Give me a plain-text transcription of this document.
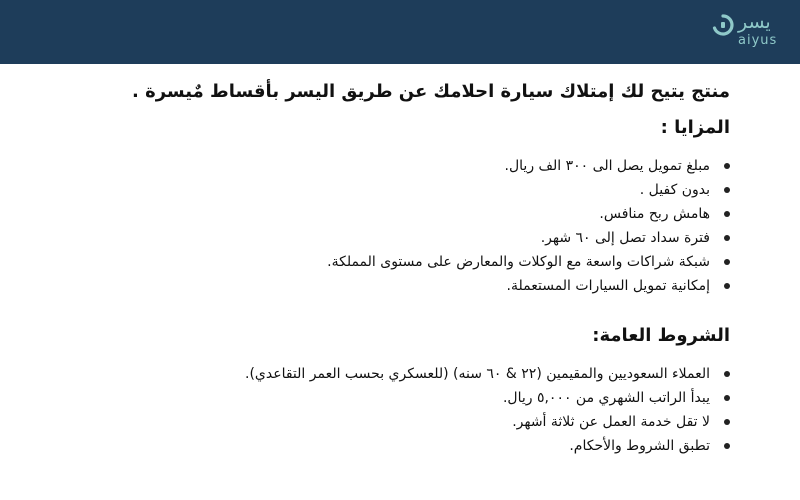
يسر
aiyus

منتج يتيح لك إمتلاك سيارة احلامك عن طريق اليسر بأقساط مٌيسرة .

المزايا :
مبلغ تمويل يصل الى ٣٠٠ الف ريال.
بدون كفيل .
هامش ربح منافس.
فترة سداد تصل إلى ٦٠ شهر.
شبكة شراكات واسعة مع الوكلات والمعارض على مستوى المملكة.
إمكانية تمويل السيارات المستعملة.
الشروط العامة:
العملاء السعوديين والمقيمين (٢٢ & ٦٠ سنه) (للعسكري بحسب العمر التقاعدي).
يبدأ الراتب الشهري من ٥,٠٠٠ ريال.
لا تقل خدمة العمل عن ثلاثة أشهر.
تطبق الشروط والأحكام.
